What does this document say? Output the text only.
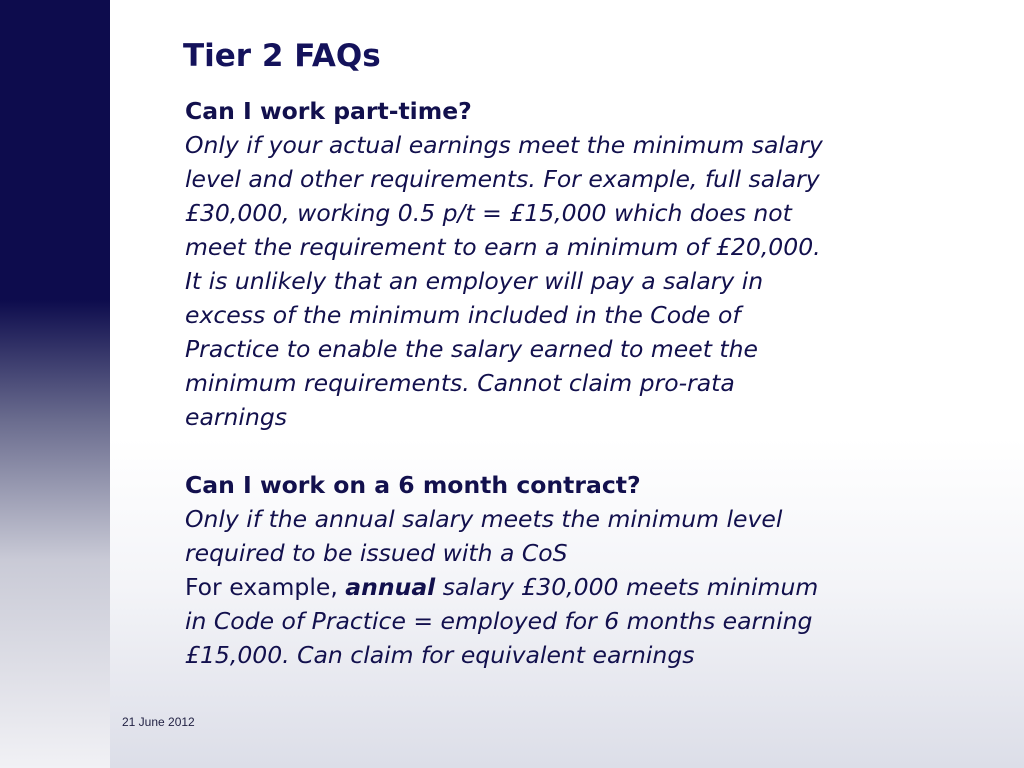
Tier 2 FAQs
Can I work part-time?
Only if your actual earnings meet the minimum salary
level and other requirements. For example, full salary
£30,000, working 0.5 p/t = £15,000 which does not
meet the requirement to earn a minimum of £20,000.
It is unlikely that an employer will pay a salary in
excess of the minimum included in the Code of
Practice to enable the salary earned to meet the
minimum requirements. Cannot claim pro-rata
earnings
Can I work on a 6 month contract?
Only if the annual salary meets the minimum level
required to be issued with a CoS
For example, annual salary £30,000 meets minimum
in Code of Practice = employed for 6 months earning
£15,000. Can claim for equivalent earnings
21 June 2012
